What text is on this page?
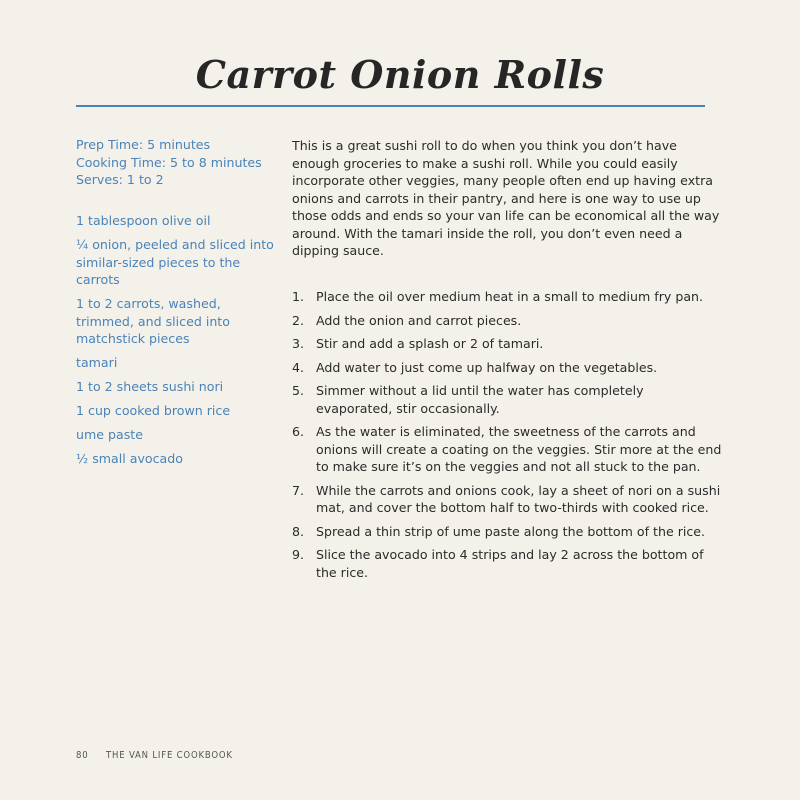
Carrot Onion Rolls
Prep Time: 5 minutes
Cooking Time: 5 to 8 minutes
Serves: 1 to 2
1 tablespoon olive oil
¼ onion, peeled and sliced into similar-sized pieces to the carrots
1 to 2 carrots, washed, trimmed, and sliced into matchstick pieces
tamari
1 to 2 sheets sushi nori
1 cup cooked brown rice
ume paste
½ small avocado

This is a great sushi roll to do when you think you don’t have enough groceries to make a sushi roll. While you could easily incorporate other veggies, many people often end up having extra onions and carrots in their pantry, and here is one way to use up those odds and ends so your van life can be economical all the way around. With the tamari inside the roll, you don’t even need a dipping sauce.

1. Place the oil over medium heat in a small to medium fry pan.
2. Add the onion and carrot pieces.
3. Stir and add a splash or 2 of tamari.
4. Add water to just come up halfway on the vegetables.
5. Simmer without a lid until the water has completely evaporated, stir occasionally.
6. As the water is eliminated, the sweetness of the carrots and onions will create a coating on the veggies. Stir more at the end to make sure it’s on the veggies and not all stuck to the pan.
7. While the carrots and onions cook, lay a sheet of nori on a sushi mat, and cover the bottom half to two-thirds with cooked rice.
8. Spread a thin strip of ume paste along the bottom of the rice.
9. Slice the avocado into 4 strips and lay 2 across the bottom of the rice.
80 THE VAN LIFE COOKBOOK
